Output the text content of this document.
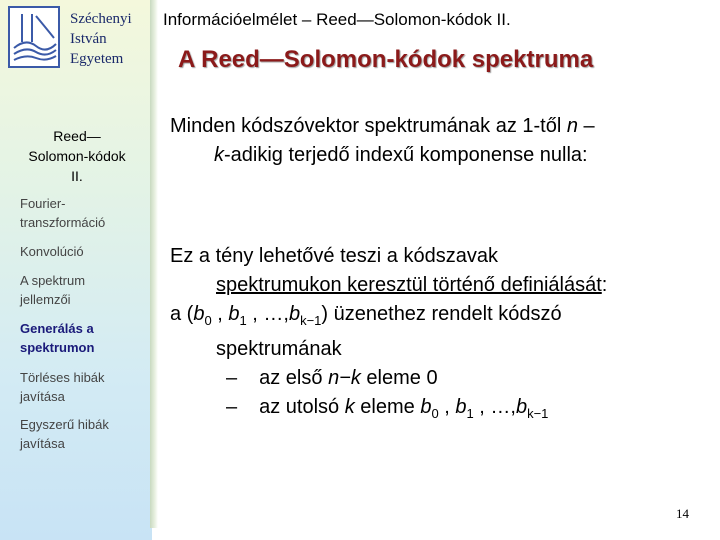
Széchenyi
István
Egyetem
Információelmélet – Reed—Solomon-kódok II.
A Reed—Solomon-kódok spektruma
Reed—
Solomon-kódok
II.
Fourier-
transzformáció
Konvolúció
A spektrum
jellemzői
Generálás a
spektrumon
Törléses hibák
javítása
Egyszerű hibák
javítása
Minden kódszóvektor spektrumának az 1-től n –
k-adikig terjedő indexű komponense nulla:
Ez a tény lehetővé teszi a kódszavak
spektrumukon keresztül történő definiálását:
a ($b_0$ , $b_1$ , $\dots,b_{k-1}$) üzenethez rendelt kódszó
spektrumának
– az első n−k eleme 0
– az utolsó k eleme $b_0$ , $b_1$ , $\dots,b_{k-1}$
14
